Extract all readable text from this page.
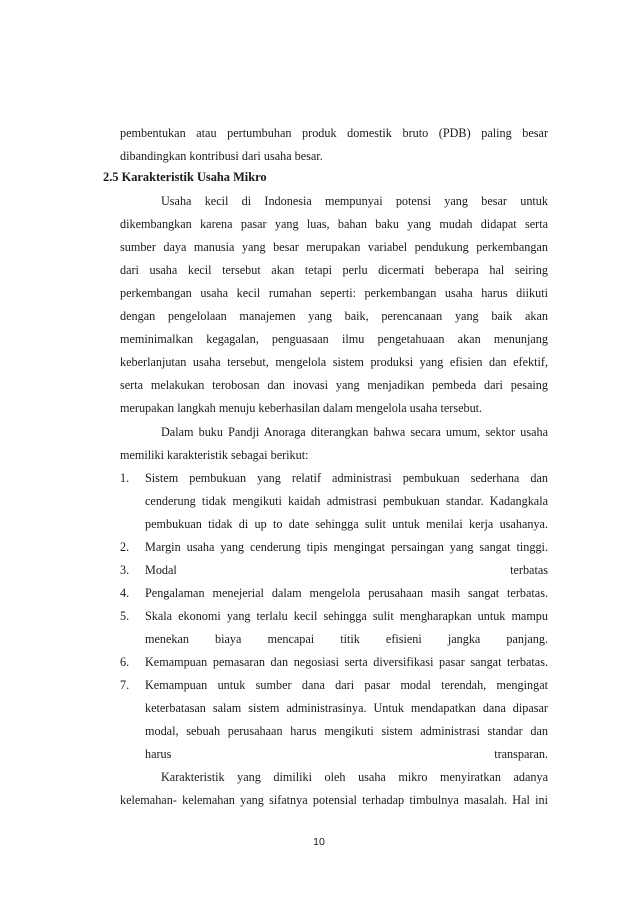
pembentukan atau pertumbuhan produk domestik bruto (PDB) paling besar
dibandingkan kontribusi dari usaha besar.
2.5 Karakteristik Usaha Mikro
Usaha kecil di Indonesia mempunyai potensi yang besar untuk
dikembangkan karena pasar yang luas, bahan baku yang mudah didapat serta
sumber daya manusia yang besar merupakan variabel pendukung perkembangan
dari usaha kecil tersebut akan tetapi perlu dicermati beberapa hal seiring
perkembangan usaha kecil rumahan seperti: perkembangan usaha harus diikuti
dengan pengelolaan manajemen yang baik, perencanaan yang baik akan
meminimalkan kegagalan, penguasaan ilmu pengetahuaan akan menunjang
keberlanjutan usaha tersebut, mengelola sistem produksi yang efisien dan efektif,
serta melakukan terobosan dan inovasi yang menjadikan pembeda dari pesaing
merupakan langkah menuju keberhasilan dalam mengelola usaha tersebut.
Dalam buku Pandji Anoraga diterangkan bahwa secara umum, sektor usaha
memiliki karakteristik sebagai berikut:
1. Sistem pembukuan yang relatif administrasi pembukuan sederhana dan
cenderung tidak mengikuti kaidah admistrasi pembukuan standar. Kadangkala
pembukuan tidak di up to date sehingga sulit untuk menilai kerja usahanya.
2. Margin usaha yang cenderung tipis mengingat persaingan yang sangat tinggi.
3. Modal terbatas
4. Pengalaman menejerial dalam mengelola perusahaan masih sangat terbatas.
5. Skala ekonomi yang terlalu kecil sehingga sulit mengharapkan untuk mampu
menekan biaya mencapai titik efisieni jangka panjang.
6. Kemampuan pemasaran dan negosiasi serta diversifikasi pasar sangat terbatas.
7. Kemampuan untuk sumber dana dari pasar modal terendah, mengingat
keterbatasan salam sistem administrasinya. Untuk mendapatkan dana dipasar
modal, sebuah perusahaan harus mengikuti sistem administrasi standar dan
harus transparan.
Karakteristik yang dimiliki oleh usaha mikro menyiratkan adanya
kelemahan- kelemahan yang sifatnya potensial terhadap timbulnya masalah. Hal ini
10
